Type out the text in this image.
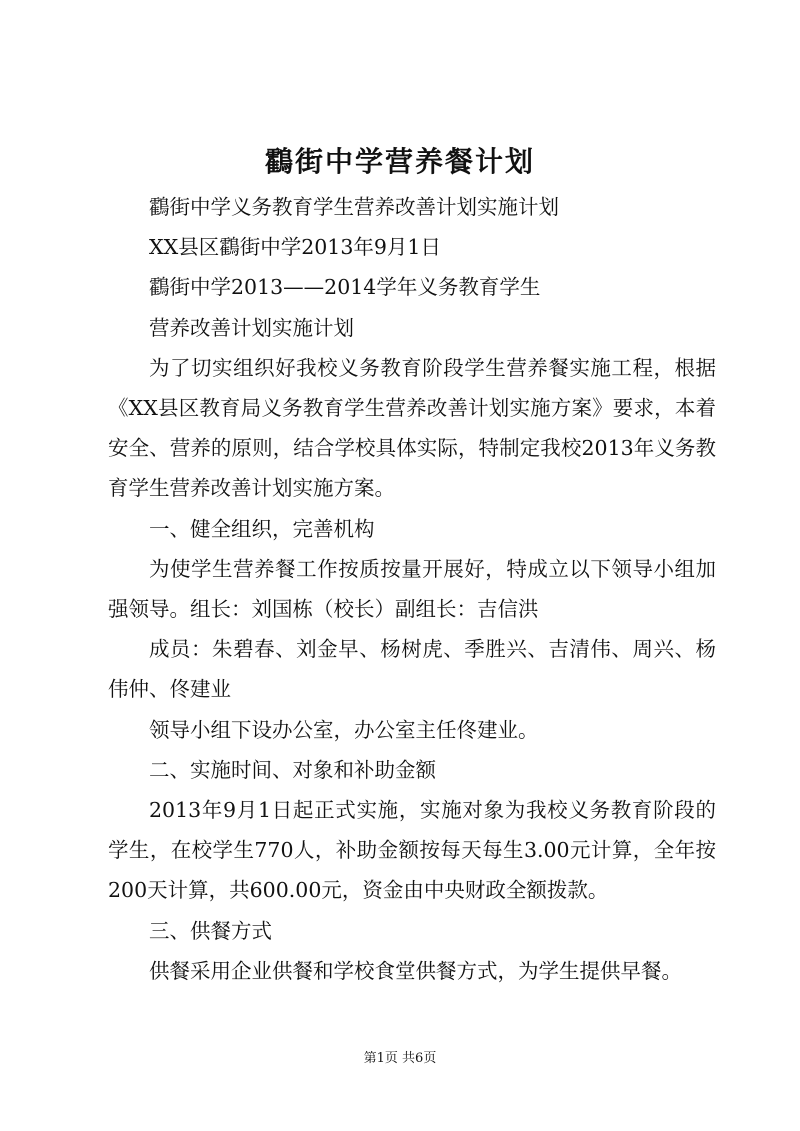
鸖街中学营养餐计划

鸖街中学义务教育学生营养改善计划实施计划

XX县区鸖街中学2013年9月1日

鸖街中学2013——2014学年义务教育学生

营养改善计划实施计划

为了切实组织好我校义务教育阶段学生营养餐实施工程，根据《XX县区教育局义务教育学生营养改善计划实施方案》要求，本着安全、营养的原则，结合学校具体实际，特制定我校2013年义务教育学生营养改善计划实施方案。

一、健全组织，完善机构

为使学生营养餐工作按质按量开展好，特成立以下领导小组加强领导。组长：刘国栋（校长）副组长：吉信洪

成员：朱碧春、刘金早、杨树虎、季胜兴、吉清伟、周兴、杨伟仲、佟建业

领导小组下设办公室，办公室主任佟建业。

二、实施时间、对象和补助金额

2013年9月1日起正式实施，实施对象为我校义务教育阶段的学生，在校学生770人，补助金额按每天每生3.00元计算，全年按200天计算，共600.00元，资金由中央财政全额拨款。

三、供餐方式

供餐采用企业供餐和学校食堂供餐方式，为学生提供早餐。

第1页 共6页
